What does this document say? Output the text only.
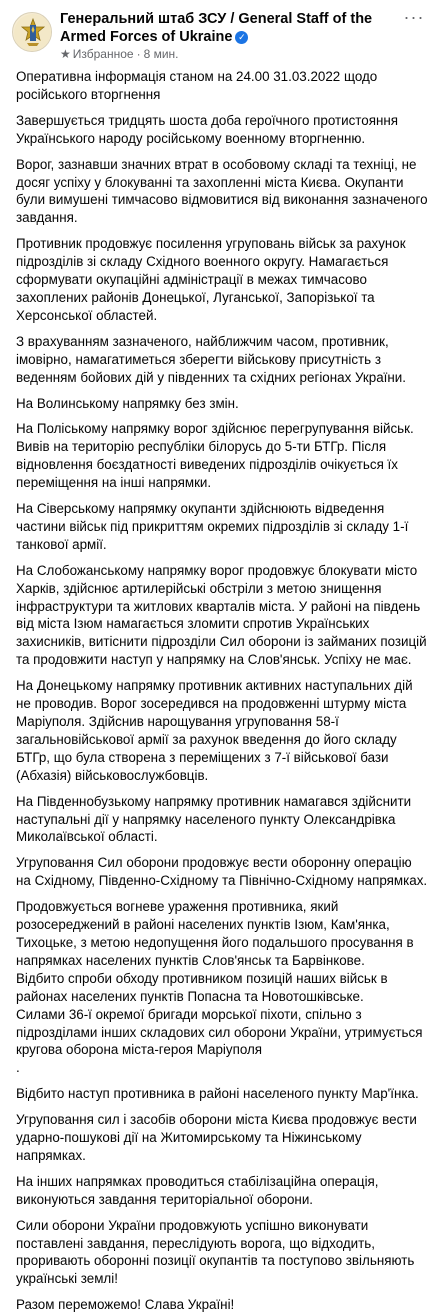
Генеральний штаб ЗСУ / General Staff of the Armed Forces of Ukraine ✓
★ Избранное · 8 мин.
···

Оперативна інформація станом на 24.00 31.03.2022 щодо російського вторгнення

Завершується тридцять шоста доба героїчного протистояння Українського народу російському военному вторгненню.

Ворог, зазнавши значних втрат в особовому складі та техніці, не досяг успіху у блокуванні та захопленні міста Києва. Окупанти були вимушені тимчасово відмовитися від виконання зазначеного завдання.

Противник продовжує посилення угруповань військ за рахунок підрозділів зі складу Східного военного округу. Намагається сформувати окупаційні адміністрації в межах тимчасово захоплених районів Донецької, Луганської, Запорізької та Херсонської областей.

З врахуванням зазначеного, найближчим часом, противник, імовірно, намагатиметься зберегти військову присутність з веденням бойових дій у південних та східних регіонах України.

На Волинському напрямку без змін.

На Поліському напрямку ворог здійснює перегрупування військ. Вивів на територію республіки білорусь до 5-ти БТГр. Після відновлення боєздатності виведених підрозділів очікується їх переміщення на інші напрямки.

На Сіверському напрямку окупанти здійснюють відведення частини військ під прикриттям окремих підрозділів зі складу 1-ї танкової армії.

На Слобожанському напрямку ворог продовжує блокувати місто Харків, здійснює артилерійські обстріли з метою знищення інфраструктури та житлових кварталів міста. У районі на південь від міста Ізюм намагається зломити спротив Українських захисників, витіснити підрозділи Сил оборони із займаних позицій та продовжити наступ у напрямку на Слов'янськ. Успіху не має.

На Донецькому напрямку противник активних наступальних дій не проводив. Ворог зосередився на продовженні штурму міста Маріуполя. Здійснив нарощування угруповання 58-ї загальновійськової армії за рахунок введення до його складу БТГр, що була створена з переміщених з 7-ї військової бази (Абхазія) військовослужбовців.

На Південнобузькому напрямку противник намагався здійснити наступальні дії у напрямку населеного пункту Олександрівка Миколаївської області.

Угруповання Сил оборони продовжує вести оборонну операцію на Східному, Південно-Східному та Північно-Східному напрямках.

Продовжується вогневе ураження противника, який розосереджений в районі населених пунктів Ізюм, Кам'янка, Тихоцьке, з метою недопущення його подальшого просування в напрямках населених пунктів Слов'янськ та Барвінкове.
Відбито спроби обходу противником позицій наших військ в районах населених пунктів Попасна та Новотошківське.
Силами 36-ї окремої бригади морської піхоти, спільно з підрозділами інших складових сил оборони України, утримується кругова оборона міста-героя Маріуполя
.

Відбито наступ противника в районі населеного пункту Мар'їнка.

Угруповання сил і засобів оборони міста Києва продовжує вести ударно-пошукові дії на Житомирському та Ніжинському напрямках.

На інших напрямках проводиться стабілізаційна операція, виконуються завдання територіальної оборони.

Сили оборони України продовжують успішно виконувати поставлені завдання, переслідують ворога, що відходить, проривають оборонні позиції окупантів та поступово звільняють українські землі!

Разом переможемо! Слава Україні!
